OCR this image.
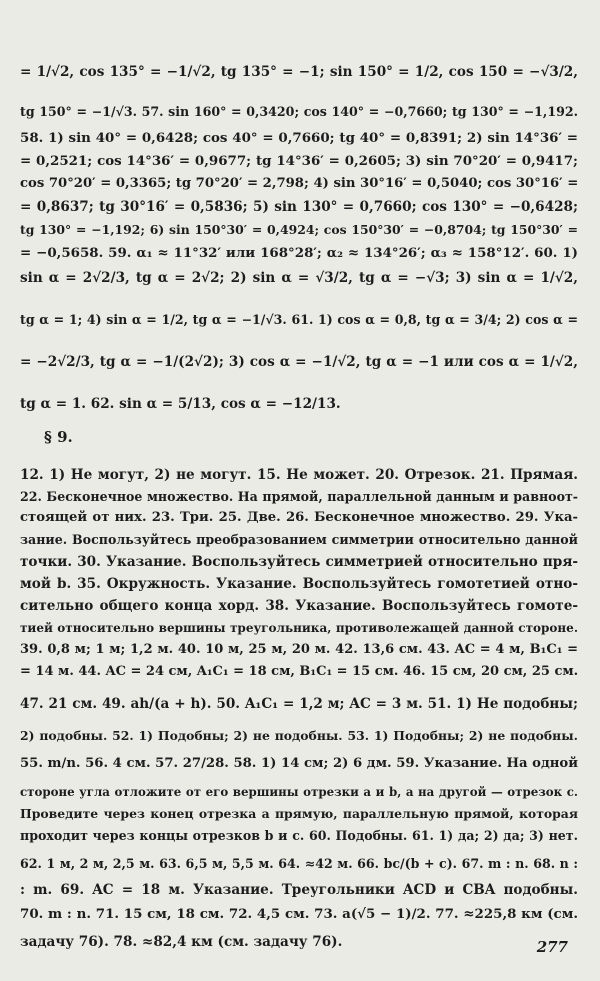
= 1/√2, cos 135° = −1/√2, tg 135° = −1; sin 150° = 1/2, cos 150 = −√3/2,
tg 150° = −1/√3. 57. sin 160° = 0,3420; cos 140° = −0,7660; tg 130° = −1,192.
58. 1) sin 40° = 0,6428; cos 40° = 0,7660; tg 40° = 0,8391; 2) sin 14°36′ =
= 0,2521; cos 14°36′ = 0,9677; tg 14°36′ = 0,2605; 3) sin 70°20′ = 0,9417;
cos 70°20′ = 0,3365; tg 70°20′ = 2,798; 4) sin 30°16′ = 0,5040; cos 30°16′ =
= 0,8637; tg 30°16′ = 0,5836; 5) sin 130° = 0,7660; cos 130° = −0,6428;
tg 130° = −1,192; 6) sin 150°30′ = 0,4924; cos 150°30′ = −0,8704; tg 150°30′ =
= −0,5658. 59. α₁ ≈ 11°32′ или 168°28′; α₂ ≈ 134°26′; α₃ ≈ 158°12′. 60. 1)
sin α = 2√2/3, tg α = 2√2; 2) sin α = √3/2, tg α = −√3; 3) sin α = 1/√2,
tg α = 1; 4) sin α = 1/2, tg α = −1/√3. 61. 1) cos α = 0,8, tg α = 3/4; 2) cos α =
= −2√2/3, tg α = −1/(2√2); 3) cos α = −1/√2, tg α = −1 или cos α = 1/√2,
tg α = 1. 62. sin α = 5/13, cos α = −12/13.
§ 9.
12. 1) Не могут, 2) не могут. 15. Не может. 20. Отрезок. 21. Прямая.
22. Бесконечное множество. На прямой, параллельной данным и равноот-
стоящей от них. 23. Три. 25. Две. 26. Бесконечное множество. 29. Ука-
зание. Воспользуйтесь преобразованием симметрии относительно данной
точки. 30. Указание. Воспользуйтесь симметрией относительно пря-
мой b. 35. Окружность. Указание. Воспользуйтесь гомотетией отно-
сительно общего конца хорд. 38. Указание. Воспользуйтесь гомоте-
тией относительно вершины треугольника, противолежащей данной стороне.
39. 0,8 м; 1 м; 1,2 м. 40. 10 м, 25 м, 20 м. 42. 13,6 см. 43. AC = 4 м, B₁C₁ =
= 14 м. 44. AC = 24 см, A₁C₁ = 18 см, B₁C₁ = 15 см. 46. 15 см, 20 см, 25 см.
47. 21 см. 49. ah/(a + h). 50. A₁C₁ = 1,2 м; AC = 3 м. 51. 1) Не подобны;
2) подобны. 52. 1) Подобны; 2) не подобны. 53. 1) Подобны; 2) не подобны.
55. m/n. 56. 4 см. 57. 27/28. 58. 1) 14 см; 2) 6 дм. 59. Указание. На одной
стороне угла отложите от его вершины отрезки a и b, а на другой — отрезок c.
Проведите через конец отрезка a прямую, параллельную прямой, которая
проходит через концы отрезков b и c. 60. Подобны. 61. 1) да; 2) да; 3) нет.
62. 1 м, 2 м, 2,5 м. 63. 6,5 м, 5,5 м. 64. ≈42 м. 66. bc/(b + c). 67. m : n. 68. n :
: m. 69. AC = 18 м. Указание. Треугольники ACD и CBA подобны.
70. m : n. 71. 15 см, 18 см. 72. 4,5 см. 73. a(√5 − 1)/2. 77. ≈225,8 км (см.
задачу 76). 78. ≈82,4 км (см. задачу 76).	277
